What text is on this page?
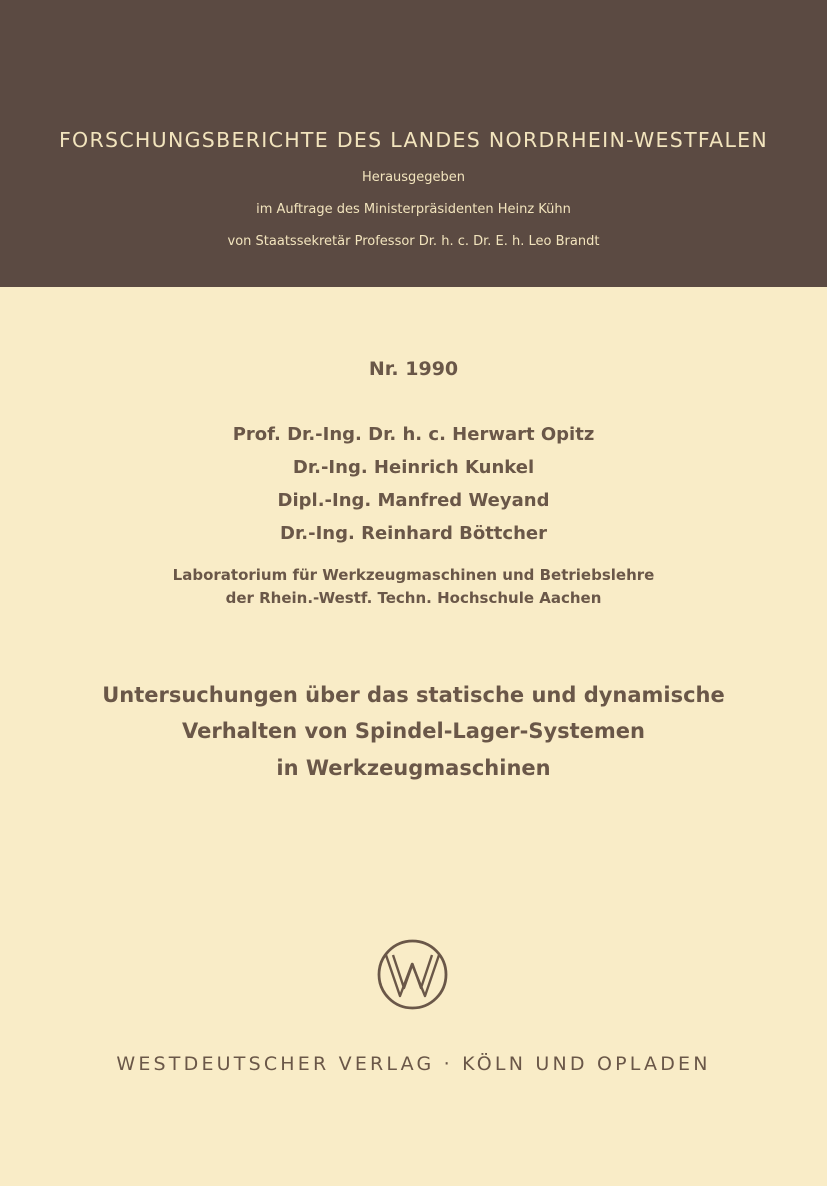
FORSCHUNGSBERICHTE DES LANDES NORDRHEIN-WESTFALEN
Herausgegeben
im Auftrage des Ministerpräsidenten Heinz Kühn
von Staatssekretär Professor Dr. h. c. Dr. E. h. Leo Brandt
Nr. 1990
Prof. Dr.-Ing. Dr. h. c. Herwart Opitz
Dr.-Ing. Heinrich Kunkel
Dipl.-Ing. Manfred Weyand
Dr.-Ing. Reinhard Böttcher
Laboratorium für Werkzeugmaschinen und Betriebslehre
der Rhein.-Westf. Techn. Hochschule Aachen
Untersuchungen über das statische und dynamische
Verhalten von Spindel-Lager-Systemen
in Werkzeugmaschinen
WESTDEUTSCHER VERLAG · KÖLN UND OPLADEN
